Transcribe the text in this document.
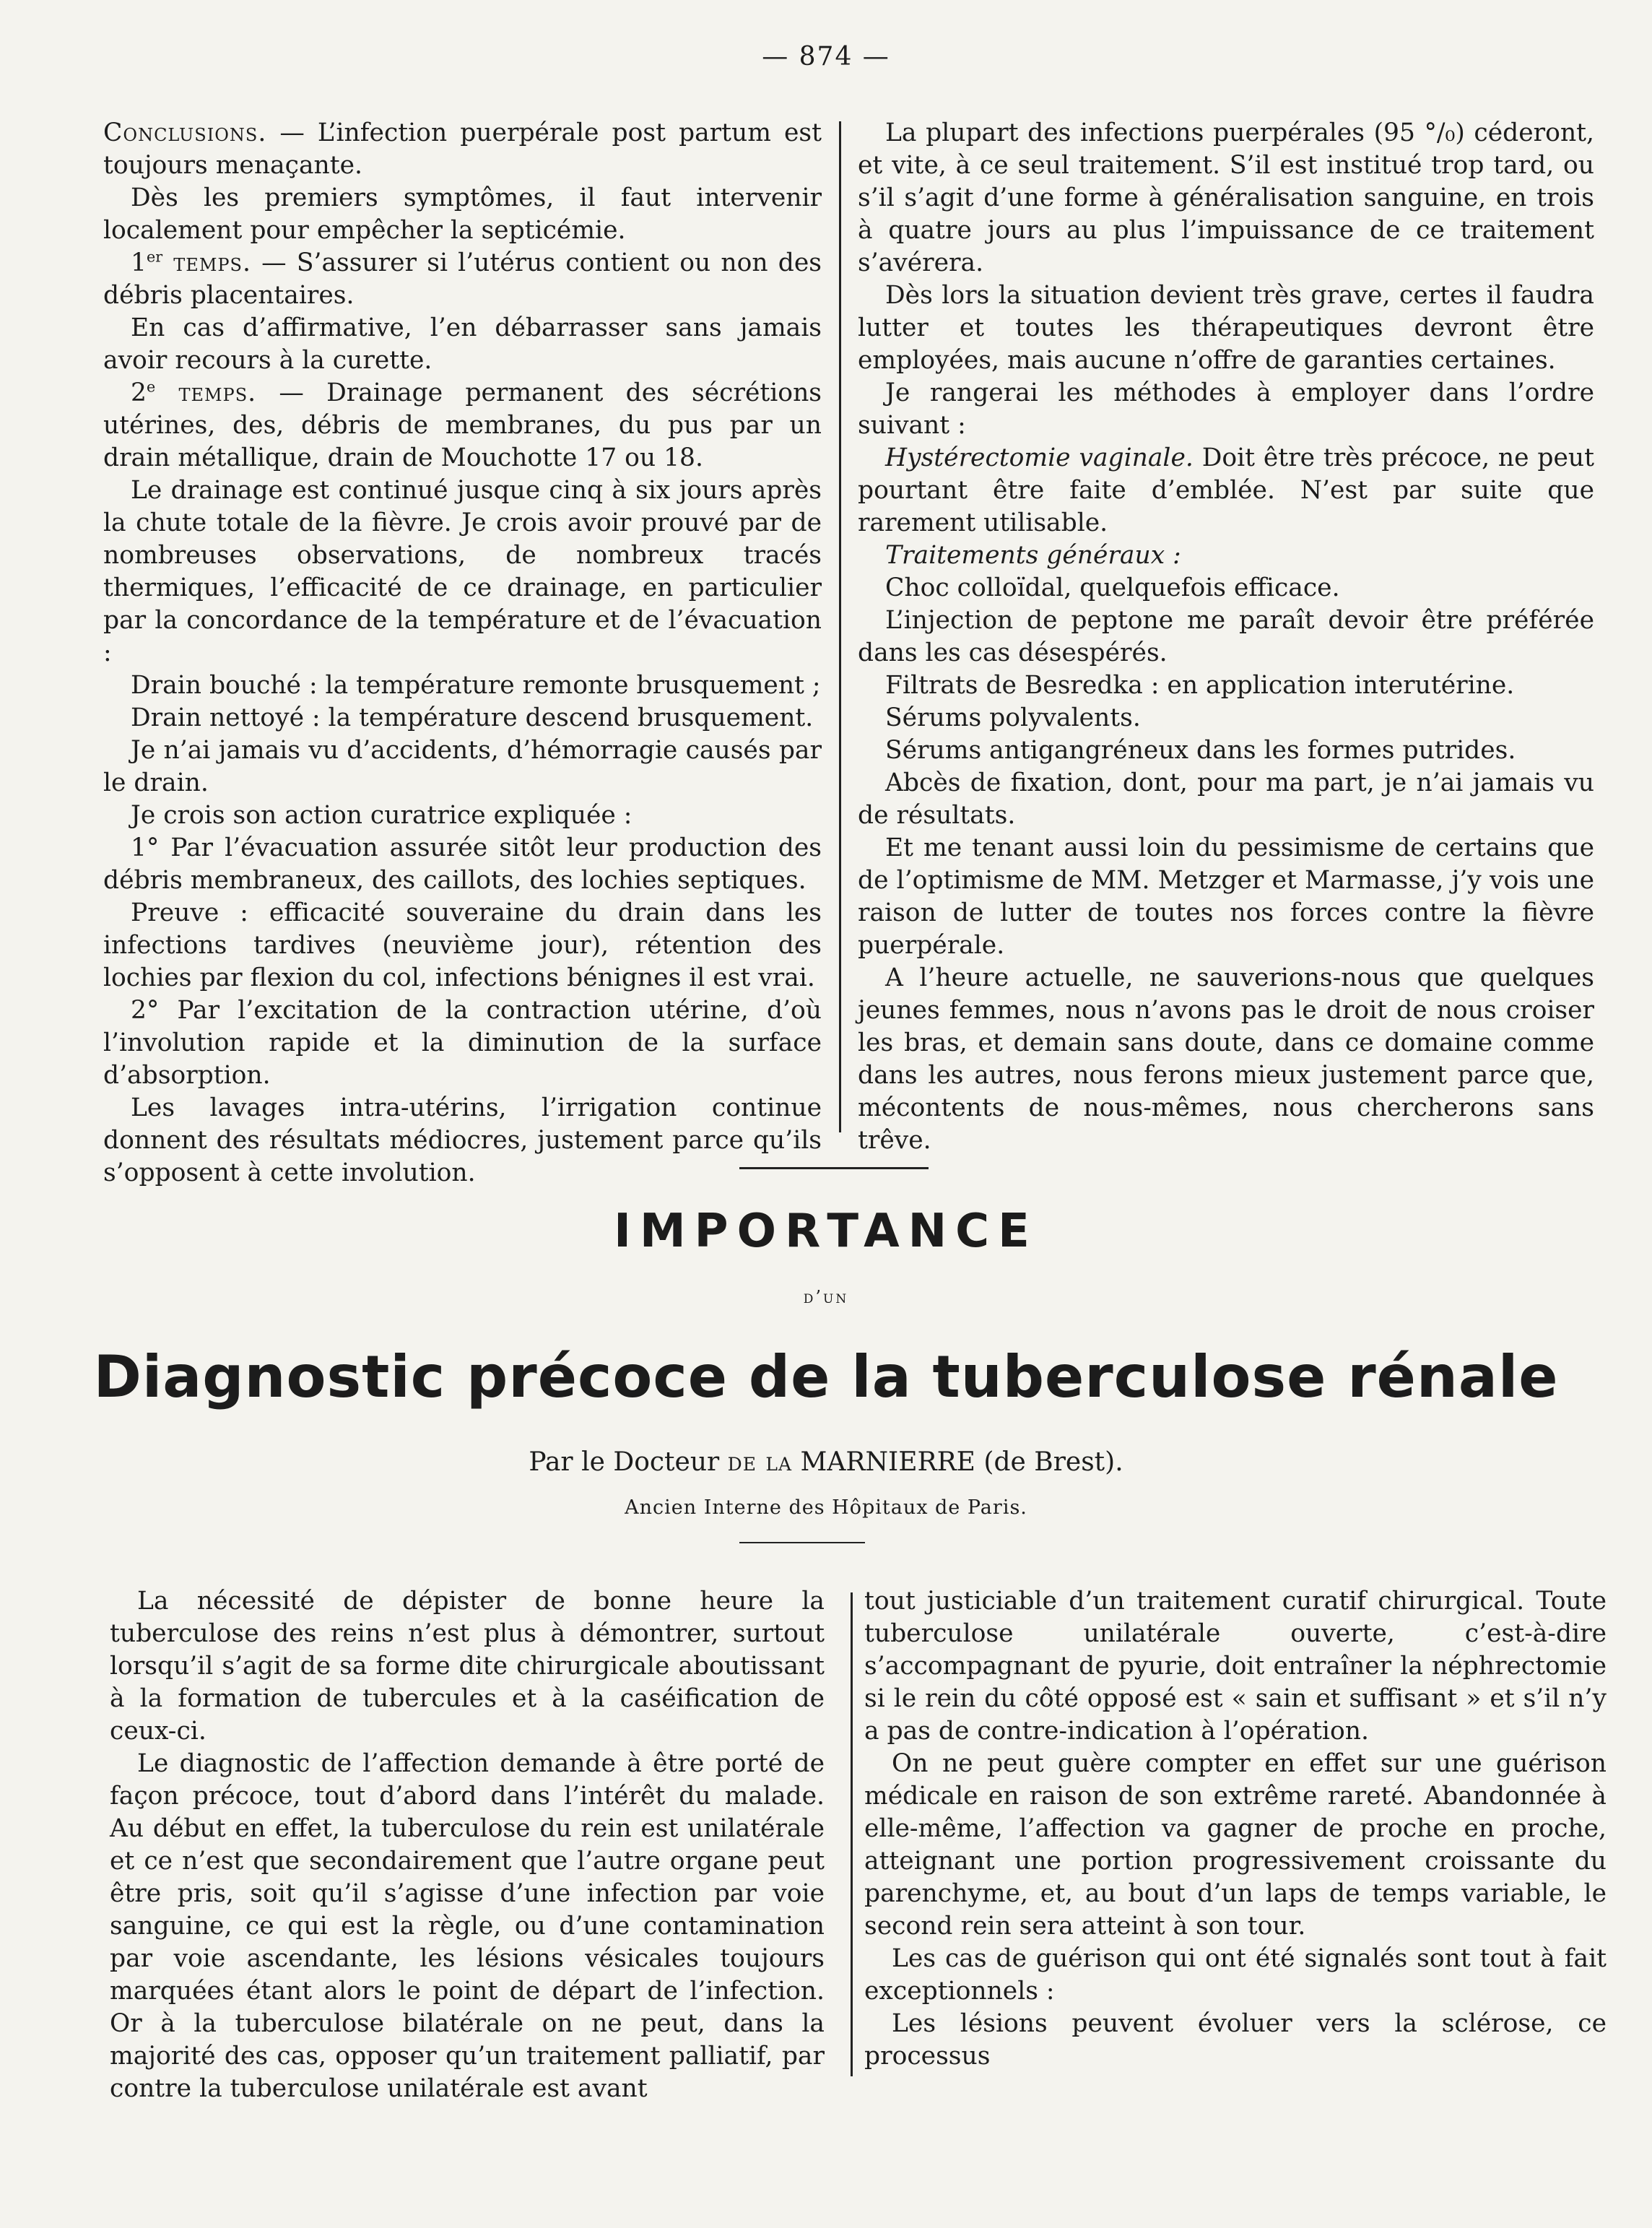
— 874 —

Conclusions. — L’infection puerpérale post partum est toujours menaçante.

Dès les premiers symptômes, il faut intervenir localement pour empêcher la septicémie.

1er temps. — S’assurer si l’utérus contient ou non des débris placentaires.

En cas d’affirmative, l’en débarrasser sans jamais avoir recours à la curette.

2e temps. — Drainage permanent des sécrétions utérines, des, débris de membranes, du pus par un drain métallique, drain de Mouchotte 17 ou 18.

Le drainage est continué jusque cinq à six jours après la chute totale de la fièvre. Je crois avoir prouvé par de nombreuses observations, de nombreux tracés thermiques, l’efficacité de ce drainage, en particulier par la concordance de la température et de l’évacuation :

Drain bouché : la température remonte brusquement ;

Drain nettoyé : la température descend brusquement.

Je n’ai jamais vu d’accidents, d’hémorragie causés par le drain.

Je crois son action curatrice expliquée :

1° Par l’évacuation assurée sitôt leur production des débris membraneux, des caillots, des lochies septiques.

Preuve : efficacité souveraine du drain dans les infections tardives (neuvième jour), rétention des lochies par flexion du col, infections bénignes il est vrai.

2° Par l’excitation de la contraction utérine, d’où l’involution rapide et la diminution de la surface d’absorption.

Les lavages intra-utérins, l’irrigation continue donnent des résultats médiocres, justement parce qu’ils s’opposent à cette involution.

La plupart des infections puerpérales (95 °/₀) céderont, et vite, à ce seul traitement. S’il est institué trop tard, ou s’il s’agit d’une forme à généralisation sanguine, en trois à quatre jours au plus l’impuissance de ce traitement s’avérera.

Dès lors la situation devient très grave, certes il faudra lutter et toutes les thérapeutiques devront être employées, mais aucune n’offre de garanties certaines.

Je rangerai les méthodes à employer dans l’ordre suivant :

Hystérectomie vaginale. Doit être très précoce, ne peut pourtant être faite d’emblée. N’est par suite que rarement utilisable.

Traitements généraux :

Choc colloïdal, quelquefois efficace.

L’injection de peptone me paraît devoir être préférée dans les cas désespérés.

Filtrats de Besredka : en application interutérine.

Sérums polyvalents.

Sérums antigangréneux dans les formes putrides.

Abcès de fixation, dont, pour ma part, je n’ai jamais vu de résultats.

Et me tenant aussi loin du pessimisme de certains que de l’optimisme de MM. Metzger et Marmasse, j’y vois une raison de lutter de toutes nos forces contre la fièvre puerpérale.

A l’heure actuelle, ne sauverions-nous que quelques jeunes femmes, nous n’avons pas le droit de nous croiser les bras, et demain sans doute, dans ce domaine comme dans les autres, nous ferons mieux justement parce que, mécontents de nous-mêmes, nous chercherons sans trêve.

IMPORTANCE
d’un
Diagnostic précoce de la tuberculose rénale
Par le Docteur de la MARNIERRE (de Brest).
Ancien Interne des Hôpitaux de Paris.

La nécessité de dépister de bonne heure la tuberculose des reins n’est plus à démontrer, surtout lorsqu’il s’agit de sa forme dite chirurgicale aboutissant à la formation de tubercules et à la caséification de ceux-ci.

Le diagnostic de l’affection demande à être porté de façon précoce, tout d’abord dans l’intérêt du malade. Au début en effet, la tuberculose du rein est unilatérale et ce n’est que secondairement que l’autre organe peut être pris, soit qu’il s’agisse d’une infection par voie sanguine, ce qui est la règle, ou d’une contamination par voie ascendante, les lésions vésicales toujours marquées étant alors le point de départ de l’infection. Or à la tuberculose bilatérale on ne peut, dans la majorité des cas, opposer qu’un traitement palliatif, par contre la tuberculose unilatérale est avant

tout justiciable d’un traitement curatif chirurgical. Toute tuberculose unilatérale ouverte, c’est-à-dire s’accompagnant de pyurie, doit entraîner la néphrectomie si le rein du côté opposé est « sain et suffisant » et s’il n’y a pas de contre-indication à l’opération.

On ne peut guère compter en effet sur une guérison médicale en raison de son extrême rareté. Abandonnée à elle-même, l’affection va gagner de proche en proche, atteignant une portion progressivement croissante du parenchyme, et, au bout d’un laps de temps variable, le second rein sera atteint à son tour.

Les cas de guérison qui ont été signalés sont tout à fait exceptionnels :

Les lésions peuvent évoluer vers la sclérose, ce processus
